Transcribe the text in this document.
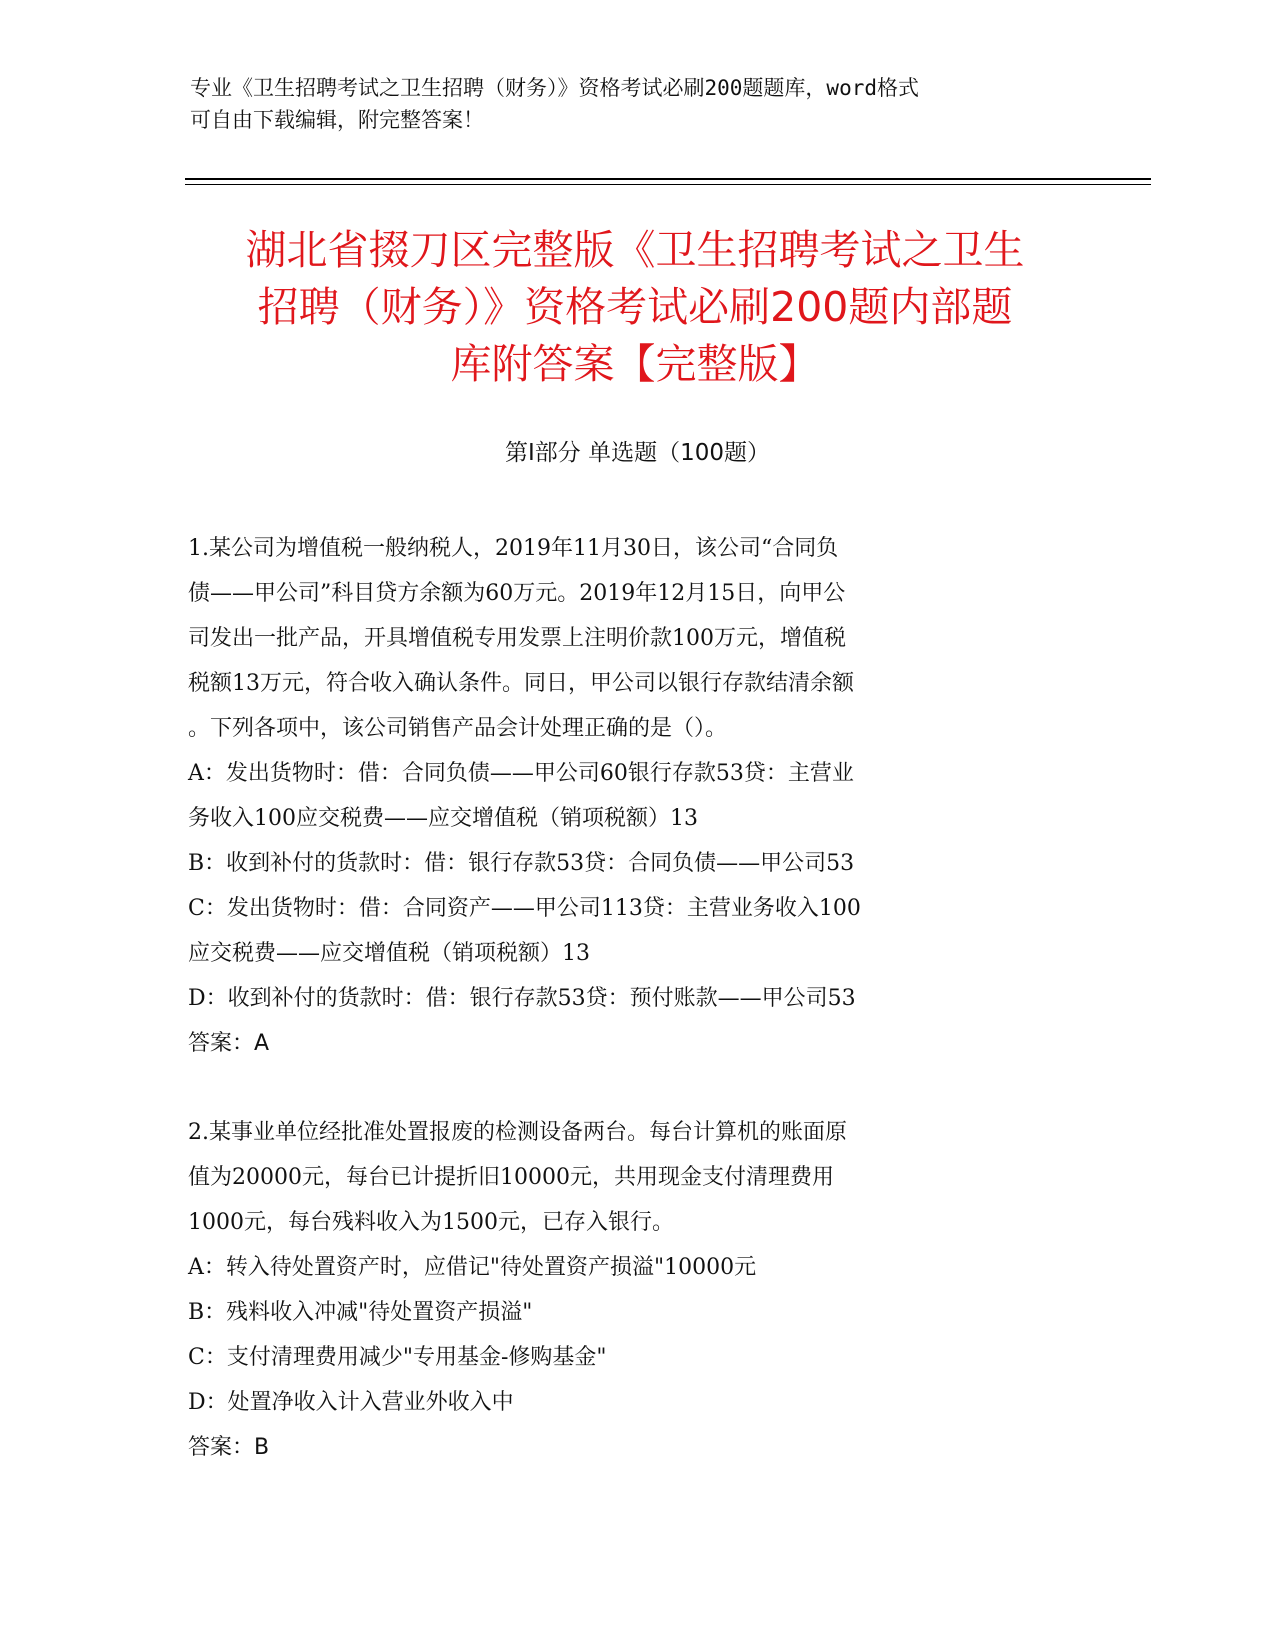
专业《卫生招聘考试之卫生招聘（财务）》资格考试必刷200题题库，word格式
可自由下载编辑，附完整答案！
湖北省掇刀区完整版《卫生招聘考试之卫生
招聘（财务）》资格考试必刷200题内部题
库附答案【完整版】
第Ⅰ部分 单选题（100题）
1.某公司为增值税一般纳税人，2019年11月30日，该公司“合同负
债——甲公司”科目贷方余额为60万元。2019年12月15日，向甲公
司发出一批产品，开具增值税专用发票上注明价款100万元，增值税
税额13万元，符合收入确认条件。同日，甲公司以银行存款结清余额
。下列各项中，该公司销售产品会计处理正确的是（）。
A：发出货物时：借：合同负债——甲公司60银行存款53贷：主营业
务收入100应交税费——应交增值税（销项税额）13
B：收到补付的货款时：借：银行存款53贷：合同负债——甲公司53
C：发出货物时：借：合同资产——甲公司113贷：主营业务收入100
应交税费——应交增值税（销项税额）13
D：收到补付的货款时：借：银行存款53贷：预付账款——甲公司53
答案：A
2.某事业单位经批准处置报废的检测设备两台。每台计算机的账面原
值为20000元，每台已计提折旧10000元，共用现金支付清理费用
1000元，每台残料收入为1500元，已存入银行。
A：转入待处置资产时，应借记"待处置资产损溢"10000元
B：残料收入冲减"待处置资产损溢"
C：支付清理费用减少"专用基金-修购基金"
D：处置净收入计入营业外收入中
答案：B
